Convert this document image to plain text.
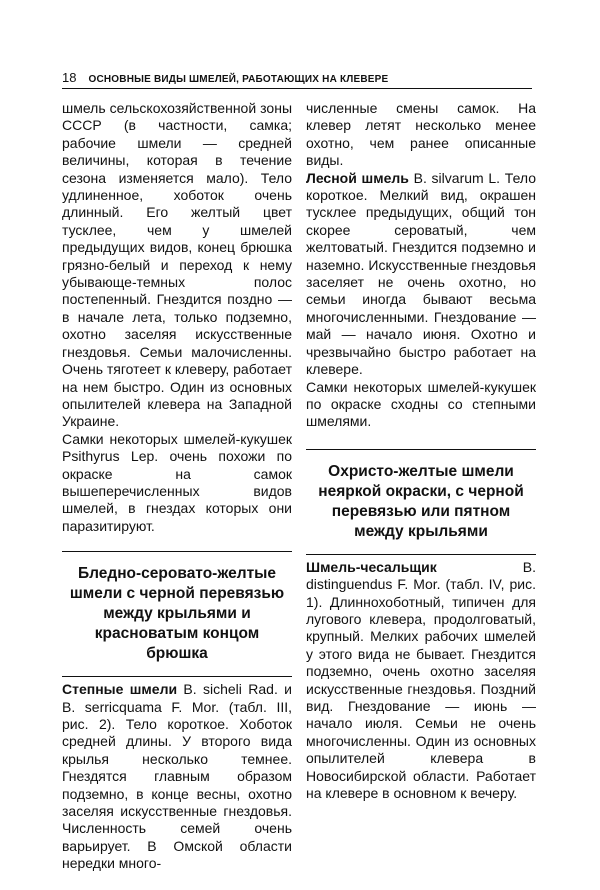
18 ОСНОВНЫЕ ВИДЫ ШМЕЛЕЙ, РАБОТАЮЩИХ НА КЛЕВЕРЕ

шмель сельскохозяйственной зоны СССР (в частности, самка; рабочие шмели — средней величины, которая в течение сезона изменяется мало). Тело удлиненное, хоботок очень длинный. Его желтый цвет тусклее, чем у шмелей предыдущих видов, конец брюшка грязно-белый и переход к нему убывающе-темных полос постепенный. Гнездится поздно — в начале лета, только подземно, охотно заселяя искусственные гнездовья. Семьи малочисленны. Очень тяготеет к клеверу, работает на нем быстро. Один из основных опылителей клевера на Западной Украине.

Самки некоторых шмелей-кукушек Psithyrus Lep. очень похожи по окраске на самок вышеперечисленных видов шмелей, в гнездах которых они паразитируют.

Бледно-серовато-желтые шмели с черной перевязью между крыльями и красноватым концом брюшка

Степные шмели B. sicheli Rad. и B. serricquama F. Mor. (табл. III, рис. 2). Тело короткое. Хоботок средней длины. У второго вида крылья несколько темнее. Гнездятся главным образом подземно, в конце весны, охотно заселяя искусственные гнездовья. Численность семей очень варьирует. В Омской области нередки много-

численные смены самок. На клевер летят несколько менее охотно, чем ранее описанные виды.

Лесной шмель B. silvarum L. Тело короткое. Мелкий вид, окрашен тусклее предыдущих, общий тон скорее сероватый, чем желтоватый. Гнездится подземно и наземно. Искусственные гнездовья заселяет не очень охотно, но семьи иногда бывают весьма многочисленными. Гнездование — май — начало июня. Охотно и чрезвычайно быстро работает на клевере.

Самки некоторых шмелей-кукушек по окраске сходны со степными шмелями.

Охристо-желтые шмели неяркой окраски, с черной перевязью или пятном между крыльями

Шмель-чесальщик B. distinguendus F. Mor. (табл. IV, рис. 1). Длиннохоботный, типичен для лугового клевера, продолговатый, крупный. Мелких рабочих шмелей у этого вида не бывает. Гнездится подземно, очень охотно заселяя искусственные гнездовья. Поздний вид. Гнездование — июнь — начало июля. Семьи не очень многочисленны. Один из основных опылителей клевера в Новосибирской области. Работает на клевере в основном к вечеру.
